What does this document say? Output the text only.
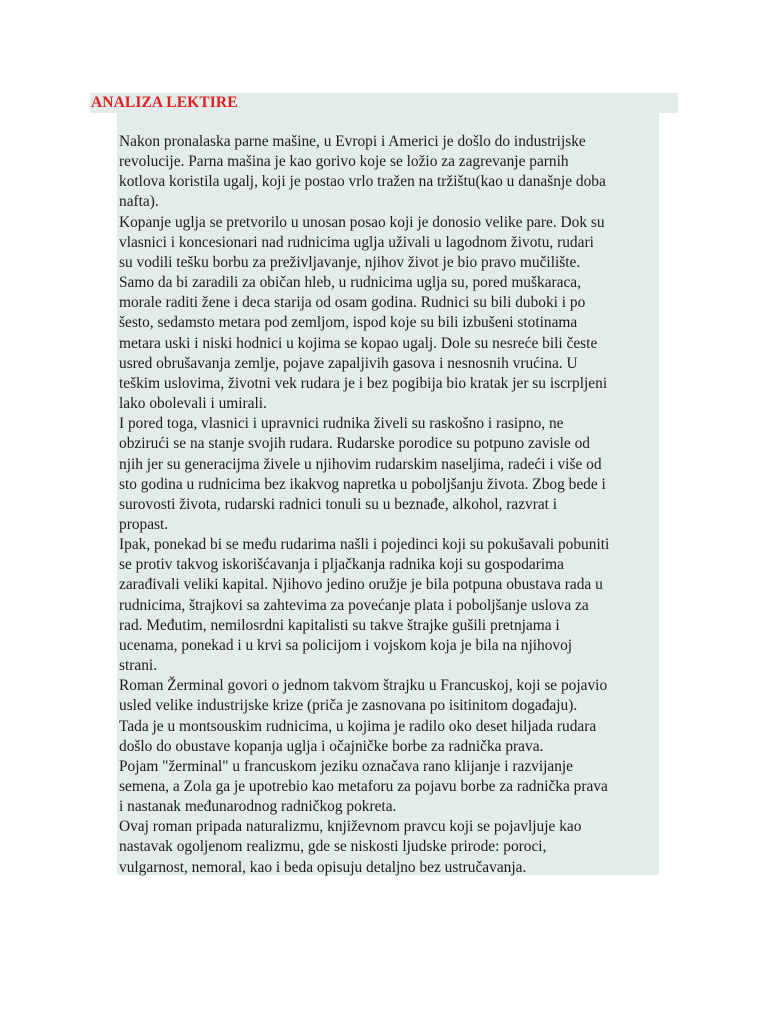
ANALIZA LEKTIRE
Nakon pronalaska parne mašine, u Evropi i Americi je došlo do industrijske
revolucije. Parna mašina je kao gorivo koje se ložio za zagrevanje parnih
kotlova koristila ugalj, koji je postao vrlo tražen na tržištu(kao u današnje doba
nafta).
Kopanje uglja se pretvorilo u unosan posao koji je donosio velike pare. Dok su
vlasnici i koncesionari nad rudnicima uglja uživali u lagodnom životu, rudari
su vodili tešku borbu za preživljavanje, njihov život je bio pravo mučilište.
Samo da bi zaradili za običan hleb, u rudnicima uglja su, pored muškaraca,
morale raditi žene i deca starija od osam godina. Rudnici su bili duboki i po
šesto, sedamsto metara pod zemljom, ispod koje su bili izbušeni stotinama
metara uski i niski hodnici u kojima se kopao ugalj. Dole su nesreće bili česte
usred obrušavanja zemlje, pojave zapaljivih gasova i nesnosnih vrućina. U
teškim uslovima, životni vek rudara je i bez pogibija bio kratak jer su iscrpljeni
lako obolevali i umirali.
I pored toga, vlasnici i upravnici rudnika živeli su raskošno i rasipno, ne
obzirući se na stanje svojih rudara. Rudarske porodice su potpuno zavisle od
njih jer su generacijma živele u njihovim rudarskim naseljima, radeći i više od
sto godina u rudnicima bez ikakvog napretka u poboljšanju života. Zbog bede i
surovosti života, rudarski radnici tonuli su u beznađe, alkohol, razvrat i
propast.
Ipak, ponekad bi se među rudarima našli i pojedinci koji su pokušavali pobuniti
se protiv takvog iskorišćavanja i pljačkanja radnika koji su gospodarima
zarađivali veliki kapital. Njihovo jedino oružje je bila potpuna obustava rada u
rudnicima, štrajkovi sa zahtevima za povećanje plata i poboljšanje uslova za
rad. Međutim, nemilosrdni kapitalisti su takve štrajke gušili pretnjama i
ucenama, ponekad i u krvi sa policijom i vojskom koja je bila na njihovoj
strani.
Roman Žerminal govori o jednom takvom štrajku u Francuskoj, koji se pojavio
usled velike industrijske krize (priča je zasnovana po isitinitom događaju).
Tada je u montsouskim rudnicima, u kojima je radilo oko deset hiljada rudara
došlo do obustave kopanja uglja i očajničke borbe za radnička prava.
Pojam "žerminal" u francuskom jeziku označava rano klijanje i razvijanje
semena, a Zola ga je upotrebio kao metaforu za pojavu borbe za radnička prava
i nastanak međunarodnog radničkog pokreta.
Ovaj roman pripada naturalizmu, književnom pravcu koji se pojavljuje kao
nastavak ogoljenom realizmu, gde se niskosti ljudske prirode: poroci,
vulgarnost, nemoral, kao i beda opisuju detaljno bez ustručavanja.
